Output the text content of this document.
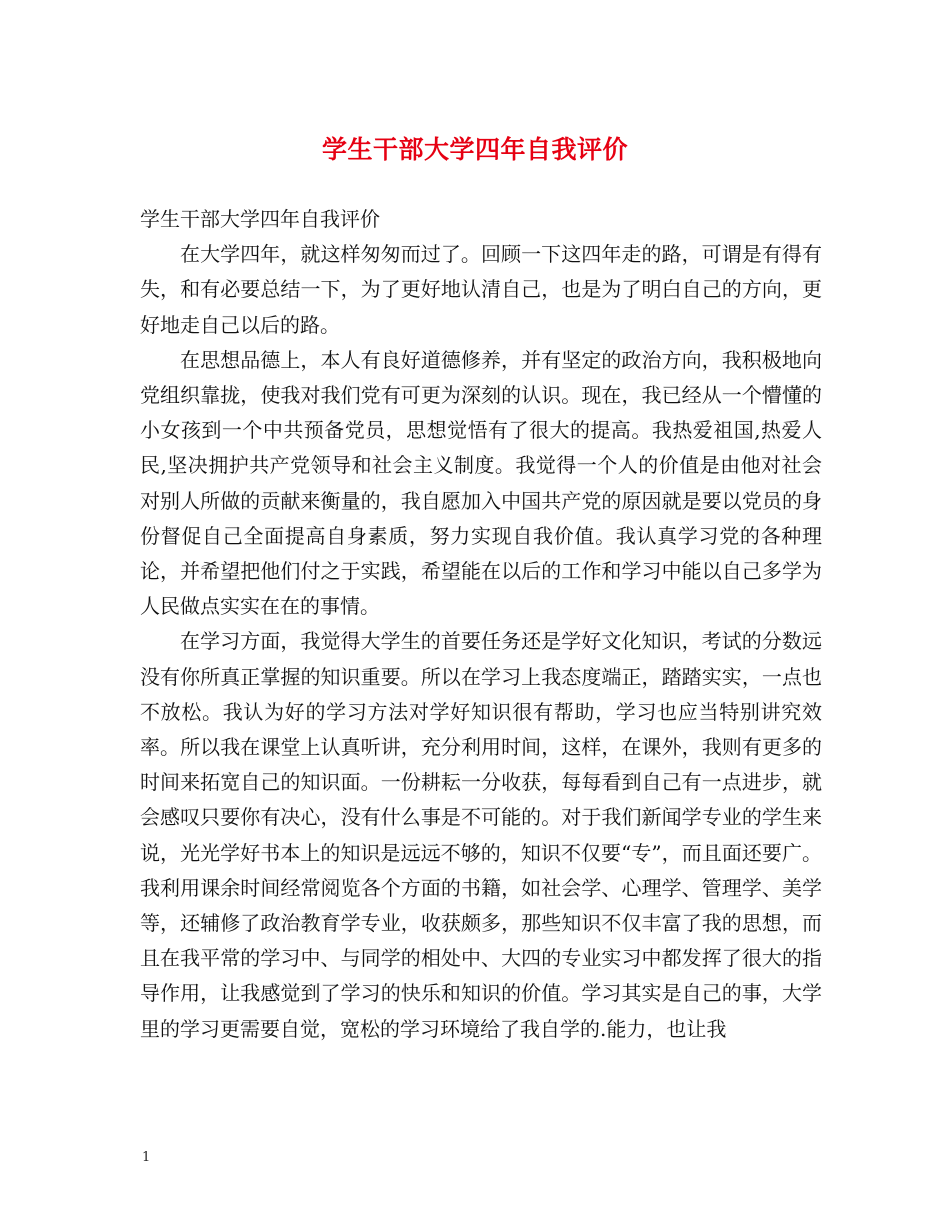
学生干部大学四年自我评价

学生干部大学四年自我评价

在大学四年，就这样匆匆而过了。回顾一下这四年走的路，可谓是有得有失，和有必要总结一下，为了更好地认清自己，也是为了明白自己的方向，更好地走自己以后的路。

在思想品德上，本人有良好道德修养，并有坚定的政治方向，我积极地向党组织靠拢，使我对我们党有可更为深刻的认识。现在，我已经从一个懵懂的小女孩到一个中共预备党员，思想觉悟有了很大的提高。我热爱祖国,热爱人民,坚决拥护共产党领导和社会主义制度。我觉得一个人的价值是由他对社会对别人所做的贡献来衡量的，我自愿加入中国共产党的原因就是要以党员的身份督促自己全面提高自身素质，努力实现自我价值。我认真学习党的各种理论，并希望把他们付之于实践，希望能在以后的工作和学习中能以自己多学为人民做点实实在在的事情。

在学习方面，我觉得大学生的首要任务还是学好文化知识，考试的分数远没有你所真正掌握的知识重要。所以在学习上我态度端正，踏踏实实，一点也不放松。我认为好的学习方法对学好知识很有帮助，学习也应当特别讲究效率。所以我在课堂上认真听讲，充分利用时间，这样，在课外，我则有更多的时间来拓宽自己的知识面。一份耕耘一分收获，每每看到自己有一点进步，就会感叹只要你有决心，没有什么事是不可能的。对于我们新闻学专业的学生来说，光光学好书本上的知识是远远不够的，知识不仅要“专”，而且面还要广。我利用课余时间经常阅览各个方面的书籍，如社会学、心理学、管理学、美学等，还辅修了政治教育学专业，收获颇多，那些知识不仅丰富了我的思想，而且在我平常的学习中、与同学的相处中、大四的专业实习中都发挥了很大的指导作用，让我感觉到了学习的快乐和知识的价值。学习其实是自己的事，大学里的学习更需要自觉，宽松的学习环境给了我自学的.能力，也让我

1
